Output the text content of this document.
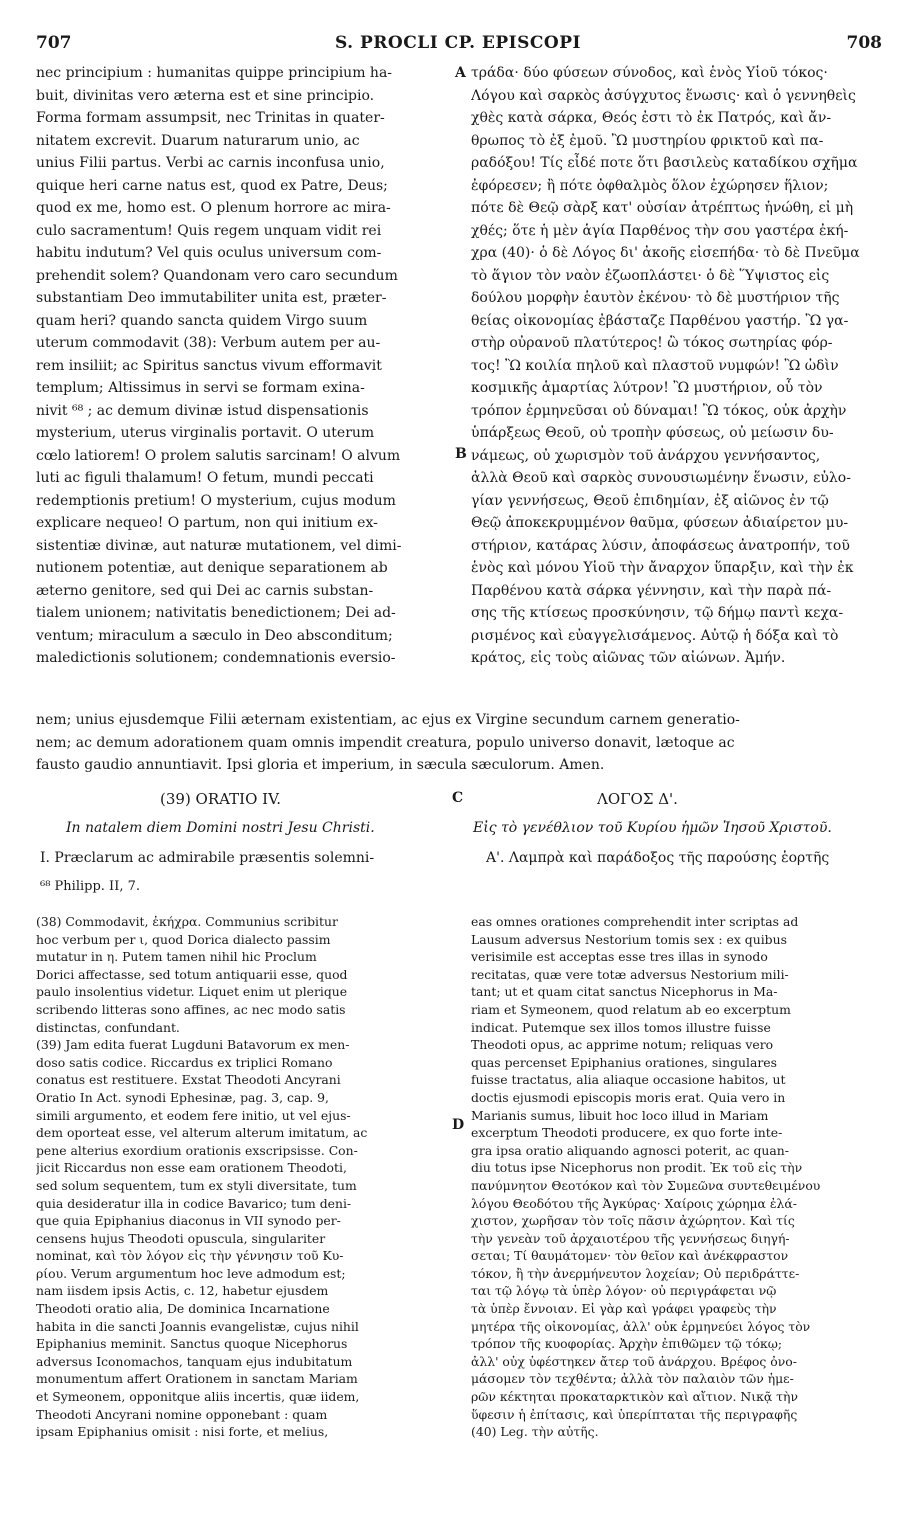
707	S. PROCLI CP. EPISCOPI	708
nec principium : humanitas quippe principium ha-
buit, divinitas vero æterna est et sine principio.
Forma formam assumpsit, nec Trinitas in quater-
nitatem excrevit. Duarum naturarum unio, ac
unius Filii partus. Verbi ac carnis inconfusa unio,
quique heri carne natus est, quod ex Patre, Deus;
quod ex me, homo est. O plenum horrore ac mira-
culo sacramentum! Quis regem unquam vidit rei
habitu indutum? Vel quis oculus universum com-
prehendit solem? Quandonam vero caro secundum
substantiam Deo immutabiliter unita est, præter-
quam heri? quando sancta quidem Virgo suum
uterum commodavit (38): Verbum autem per au-
rem insiliit; ac Spiritus sanctus vivum efformavit
templum; Altissimus in servi se formam exina-
nivit ⁶⁸ ; ac demum divinæ istud dispensationis
mysterium, uterus virginalis portavit. O uterum
cœlo latiorem! O prolem salutis sarcinam! O alvum
luti ac figuli thalamum! O fetum, mundi peccati
redemptionis pretium! O mysterium, cujus modum
explicare nequeo! O partum, non qui initium ex-
sistentiæ divinæ, aut naturæ mutationem, vel dimi-
nutionem potentiæ, aut denique separationem ab
æterno genitore, sed qui Dei ac carnis substan-
tialem unionem; nativitatis benedictionem; Dei ad-
ventum; miraculum a sæculo in Deo absconditum;
maledictionis solutionem; condemnationis eversio-
τράδα· δύο φύσεων σύνοδος, καὶ ἑνὸς Υἱοῦ τόκος·
Λόγου καὶ σαρκὸς ἀσύγχυτος ἕνωσις· καὶ ὁ γεννηθεὶς
χθὲς κατὰ σάρκα, Θεός ἐστι τὸ ἐκ Πατρός, καὶ ἄν-
θρωπος τὸ ἐξ ἐμοῦ. Ὢ μυστηρίου φρικτοῦ καὶ πα-
ραδόξου! Τίς εἶδέ ποτε ὅτι βασιλεὺς καταδίκου σχῆμα
ἐφόρεσεν; ἢ πότε ὀφθαλμὸς ὅλον ἐχώρησεν ἥλιον;
πότε δὲ Θεῷ σὰρξ κατ' οὐσίαν ἀτρέπτως ἡνώθη, εἰ μὴ
χθές; ὅτε ἡ μὲν ἁγία Παρθένος τὴν σου γαστέρα ἐκή-
χρα (40)· ὁ δὲ Λόγος δι' ἀκοῆς εἰσεπήδα· τὸ δὲ Πνεῦμα
τὸ ἅγιον τὸν ναὸν ἐζωοπλάστει· ὁ δὲ Ὕψιστος εἰς
δούλου μορφὴν ἑαυτὸν ἐκένου· τὸ δὲ μυστήριον τῆς
θείας οἰκονομίας ἐβάσταζε Παρθένου γαστήρ. Ὢ γα-
στὴρ οὐρανοῦ πλατύτερος! ὢ τόκος σωτηρίας φόρ-
τος! Ὢ κοιλία πηλοῦ καὶ πλαστοῦ νυμφών! Ὢ ὠδὶν
κοσμικῆς ἁμαρτίας λύτρον! Ὢ μυστήριον, οὗ τὸν
τρόπον ἑρμηνεῦσαι οὐ δύναμαι! Ὢ τόκος, οὐκ ἀρχὴν
ὑπάρξεως Θεοῦ, οὐ τροπὴν φύσεως, οὐ μείωσιν δυ-
νάμεως, οὐ χωρισμὸν τοῦ ἀνάρχου γεννήσαντος,
ἀλλὰ Θεοῦ καὶ σαρκὸς συνουσιωμένην ἕνωσιν, εὐλο-
γίαν γεννήσεως, Θεοῦ ἐπιδημίαν, ἐξ αἰῶνος ἐν τῷ
Θεῷ ἀποκεκρυμμένον θαῦμα, φύσεων ἀδιαίρετον μυ-
στήριον, κατάρας λύσιν, ἀποφάσεως ἀνατροπήν, τοῦ
ἑνὸς καὶ μόνου Υἱοῦ τὴν ἄναρχον ὕπαρξιν, καὶ τὴν ἐκ
Παρθένου κατὰ σάρκα γέννησιν, καὶ τὴν παρὰ πά-
σης τῆς κτίσεως προσκύνησιν, τῷ δήμῳ παντὶ κεχα-
ρισμένος καὶ εὐαγγελισάμενος. Αὐτῷ ἡ δόξα καὶ τὸ
κράτος, εἰς τοὺς αἰῶνας τῶν αἰώνων. Ἀμήν.
A
B
C
D
nem; unius ejusdemque Filii æternam existentiam, ac ejus ex Virgine secundum carnem generatio-
nem; ac demum adorationem quam omnis impendit creatura, populo universo donavit, lætoque ac
fausto gaudio annuntiavit. Ipsi gloria et imperium, in sæcula sæculorum. Amen.
(39) ORATIO IV.	ΛΟΓΟΣ Δ'.
In natalem diem Domini nostri Jesu Christi.	Εἰς τὸ γενέθλιον τοῦ Κυρίου ἡμῶν Ἰησοῦ Χριστοῦ.
I. Præclarum ac admirabile præsentis solemni-	Α'. Λαμπρὰ καὶ παράδοξος τῆς παρούσης ἑορτῆς
⁶⁸ Philipp. II, 7.
(38) Commodavit, ἐκήχρα. Communius scribitur
hoc verbum per ι, quod Dorica dialecto passim
mutatur in η. Putem tamen nihil hic Proclum
Dorici affectasse, sed totum antiquarii esse, quod
paulo insolentius videtur. Liquet enim ut plerique
scribendo litteras sono affines, ac nec modo satis
distinctas, confundant.
(39) Jam edita fuerat Lugduni Batavorum ex men-
doso satis codice. Riccardus ex triplici Romano
conatus est restituere. Exstat Theodoti Ancyrani
Oratio In Act. synodi Ephesinæ, pag. 3, cap. 9,
simili argumento, et eodem fere initio, ut vel ejus-
dem oporteat esse, vel alterum alterum imitatum, ac
pene alterius exordium orationis exscripsisse. Con-
jicit Riccardus non esse eam orationem Theodoti,
sed solum sequentem, tum ex styli diversitate, tum
quia desideratur illa in codice Bavarico; tum deni-
que quia Epiphanius diaconus in VII synodo per-
censens hujus Theodoti opuscula, singulariter
nominat, καὶ τὸν λόγον εἰς τὴν γέννησιν τοῦ Κυ-
ρίου. Verum argumentum hoc leve admodum est;
nam iisdem ipsis Actis, c. 12, habetur ejusdem
Theodoti oratio alia, De dominica Incarnatione
habita in die sancti Joannis evangelistæ, cujus nihil
Epiphanius meminit. Sanctus quoque Nicephorus
adversus Iconomachos, tanquam ejus indubitatum
monumentum affert Orationem in sanctam Mariam
et Symeonem, opponitque aliis incertis, quæ iidem,
Theodoti Ancyrani nomine opponebant : quam
ipsam Epiphanius omisit : nisi forte, et melius,
eas omnes orationes comprehendit inter scriptas ad
Lausum adversus Nestorium tomis sex : ex quibus
verisimile est acceptas esse tres illas in synodo
recitatas, quæ vere totæ adversus Nestorium mili-
tant; ut et quam citat sanctus Nicephorus in Ma-
riam et Symeonem, quod relatum ab eo excerptum
indicat. Putemque sex illos tomos illustre fuisse
Theodoti opus, ac apprime notum; reliquas vero
quas percenset Epiphanius orationes, singulares
fuisse tractatus, alia aliaque occasione habitos, ut
doctis ejusmodi episcopis moris erat. Quia vero in
Marianis sumus, libuit hoc loco illud in Mariam
excerptum Theodoti producere, ex quo forte inte-
gra ipsa oratio aliquando agnosci poterit, ac quan-
diu totus ipse Nicephorus non prodit. Ἐκ τοῦ εἰς τὴν
πανύμνητον Θεοτόκον καὶ τὸν Συμεῶνα συντεθειμένου
λόγου Θεοδότου τῆς Ἀγκύρας· Χαίροις χώρημα ἐλά-
χιστον, χωρῆσαν τὸν τοῖς πᾶσιν ἀχώρητον. Καὶ τίς
τὴν γενεὰν τοῦ ἀρχαιοτέρου τῆς γεννήσεως διηγή-
σεται; Τί θαυμάτομεν· τὸν θεῖον καὶ ἀνέκφραστον
τόκον, ἢ τὴν ἀνερμήνευτον λοχείαν; Οὐ περιδράττε-
ται τῷ λόγῳ τὰ ὑπὲρ λόγον· οὐ περιγράφεται νῷ
τὰ ὑπὲρ ἔννοιαν. Εἰ γὰρ καὶ γράφει γραφεὺς τὴν
μητέρα τῆς οἰκονομίας, ἀλλ' οὐκ ἑρμηνεύει λόγος τὸν
τρόπον τῆς κυοφορίας. Ἀρχὴν ἐπιθῶμεν τῷ τόκῳ;
ἀλλ' οὐχ ὑφέστηκεν ἄτερ τοῦ ἀνάρχου. Βρέφος ὀνο-
μάσομεν τὸν τεχθέντα; ἀλλὰ τὸν παλαιὸν τῶν ἡμε-
ρῶν κέκτηται προκαταρκτικὸν καὶ αἴτιον. Νικᾷ τὴν
ὕφεσιν ἡ ἐπίτασις, καὶ ὑπερίπταται τῆς περιγραφῆς
(40) Leg. τὴν αὐτῆς.
